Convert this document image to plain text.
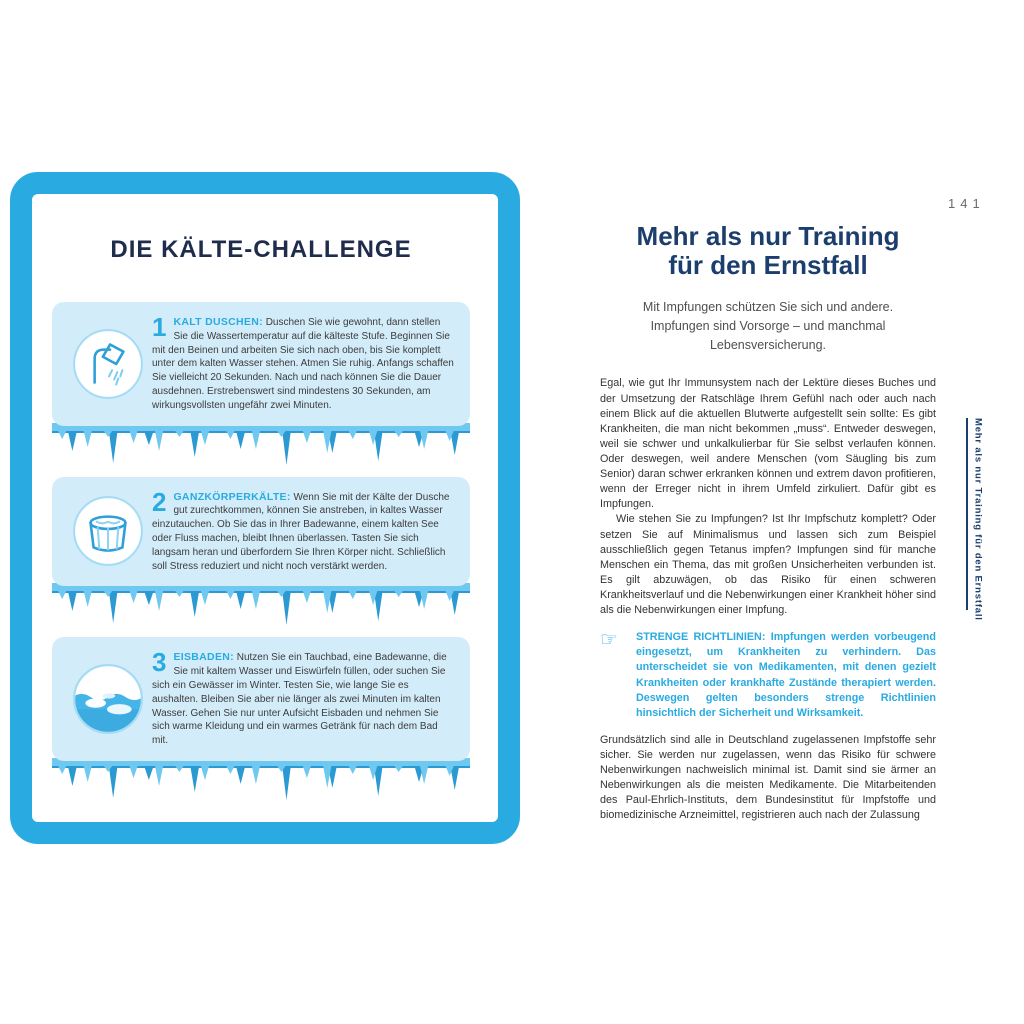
DIE KÄLTE-CHALLENGE
1 KALT DUSCHEN: Duschen Sie wie gewohnt, dann stellen Sie die Wassertemperatur auf die kälteste Stufe. Beginnen Sie mit den Beinen und arbeiten Sie sich nach oben, bis Sie komplett unter dem kalten Wasser stehen. Atmen Sie ruhig. Anfangs schaffen Sie vielleicht 20 Sekunden. Nach und nach können Sie die Dauer ausdehnen. Erstrebenswert sind mindestens 30 Sekunden, am wirkungsvollsten ungefähr zwei Minuten.
2 GANZKÖRPERKÄLTE: Wenn Sie mit der Kälte der Dusche gut zurechtkommen, können Sie anstreben, in kaltes Wasser einzutauchen. Ob Sie das in Ihrer Badewanne, einem kalten See oder Fluss machen, bleibt Ihnen überlassen. Tasten Sie sich langsam heran und überfordern Sie Ihren Körper nicht. Schließlich soll Stress reduziert und nicht noch verstärkt werden.
3 EISBADEN: Nutzen Sie ein Tauchbad, eine Badewanne, die Sie mit kaltem Wasser und Eiswürfeln füllen, oder suchen Sie sich ein Gewässer im Winter. Testen Sie, wie lange Sie es aushalten. Bleiben Sie aber nie länger als zwei Minuten im kalten Wasser. Gehen Sie nur unter Aufsicht Eisbaden und nehmen Sie sich warme Kleidung und ein warmes Getränk für nach dem Bad mit.
141
Mehr als nur Training
für den Ernstfall

Mit Impfungen schützen Sie sich und andere. Impfungen sind Vorsorge – und manchmal Lebensversicherung.

Egal, wie gut Ihr Immunsystem nach der Lektüre dieses Buches und der Umsetzung der Ratschläge Ihrem Gefühl nach oder auch nach einem Blick auf die aktuellen Blutwerte aufgestellt sein sollte: Es gibt Krankheiten, die man nicht bekommen „muss“. Entweder deswegen, weil sie schwer und unkalkulierbar für Sie selbst verlaufen können. Oder deswegen, weil andere Menschen (vom Säugling bis zum Senior) daran schwer erkranken können und extrem davon profitieren, wenn der Erreger nicht in ihrem Umfeld zirkuliert. Dafür gibt es Impfungen.

Wie stehen Sie zu Impfungen? Ist Ihr Impfschutz komplett? Oder setzen Sie auf Minimalismus und lassen sich zum Beispiel ausschließlich gegen Tetanus impfen? Impfungen sind für manche Menschen ein Thema, das mit großen Unsicherheiten verbunden ist. Es gilt abzuwägen, ob das Risiko für einen schweren Krankheitsverlauf und die Nebenwirkungen einer Krankheit höher sind als die Nebenwirkungen einer Impfung.

☞	STRENGE RICHTLINIEN: Impfungen werden vorbeugend eingesetzt, um Krankheiten zu verhindern. Das unterscheidet sie von Medikamenten, mit denen gezielt Krankheiten oder krankhafte Zustände therapiert werden. Deswegen gelten besonders strenge Richtlinien hinsichtlich der Sicherheit und Wirksamkeit.

Grundsätzlich sind alle in Deutschland zugelassenen Impfstoffe sehr sicher. Sie werden nur zugelassen, wenn das Risiko für schwere Nebenwirkungen nachweislich minimal ist. Damit sind sie ärmer an Nebenwirkungen als die meisten Medikamente. Die Mitarbeitenden des Paul-Ehrlich-Instituts, dem Bundesinstitut für Impfstoffe und biomedizinische Arzneimittel, registrieren auch nach der Zulassung

Mehr als nur Training für den Ernstfall
